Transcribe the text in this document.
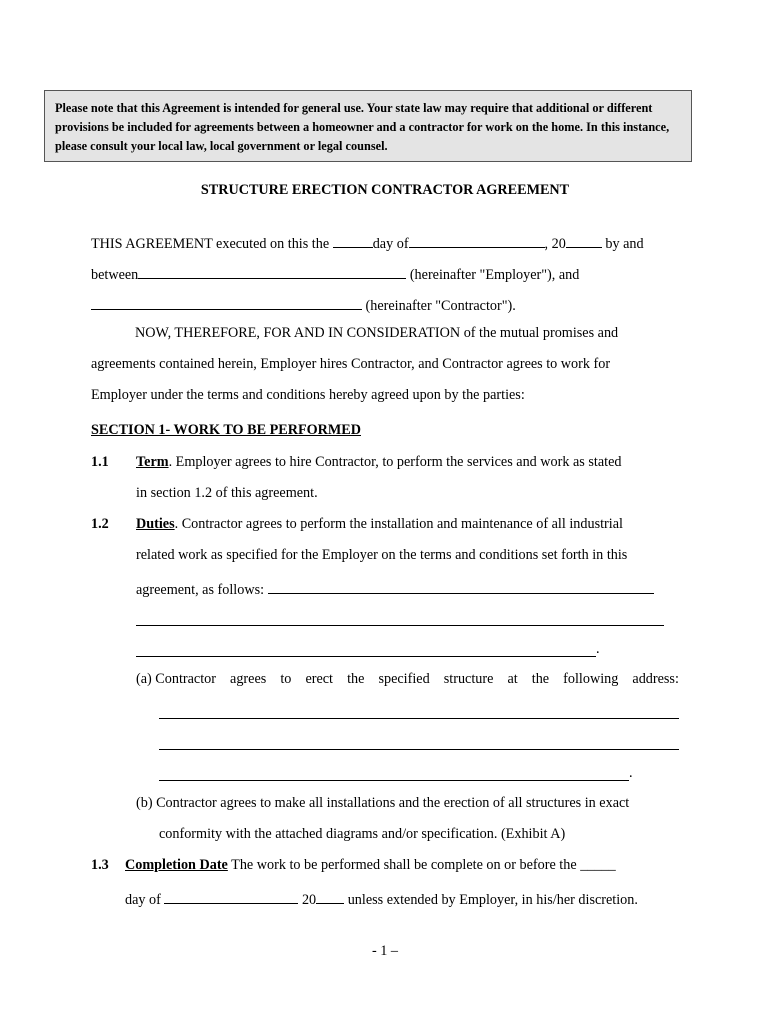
Please note that this Agreement is intended for general use. Your state law may require that additional or different provisions be included for agreements between a homeowner and a contractor for work on the home. In this instance, please consult your local law, local government or legal counsel.
STRUCTURE ERECTION CONTRACTOR AGREEMENT
THIS AGREEMENT executed on this the	day of	, 20	by and
between	(hereinafter "Employer"), and
(hereinafter "Contractor").
NOW, THEREFORE, FOR AND IN CONSIDERATION of the mutual promises and
agreements contained herein, Employer hires Contractor, and Contractor agrees to work for
Employer under the terms and conditions hereby agreed upon by the parties:
SECTION 1- WORK TO BE PERFORMED
1.1 Term. Employer agrees to hire Contractor, to perform the services and work as stated
in section 1.2 of this agreement.
1.2 Duties. Contractor agrees to perform the installation and maintenance of all industrial
related work as specified for the Employer on the terms and conditions set forth in this
agreement, as follows:
.
(a) Contractor agrees to erect the specified structure at the following address:
.
(b) Contractor agrees to make all installations and the erection of all structures in exact
conformity with the attached diagrams and/or specification. (Exhibit A)
1.3 Completion Date The work to be performed shall be complete on or before the _____
day of	20 unless extended by Employer, in his/her discretion.
- 1 –
